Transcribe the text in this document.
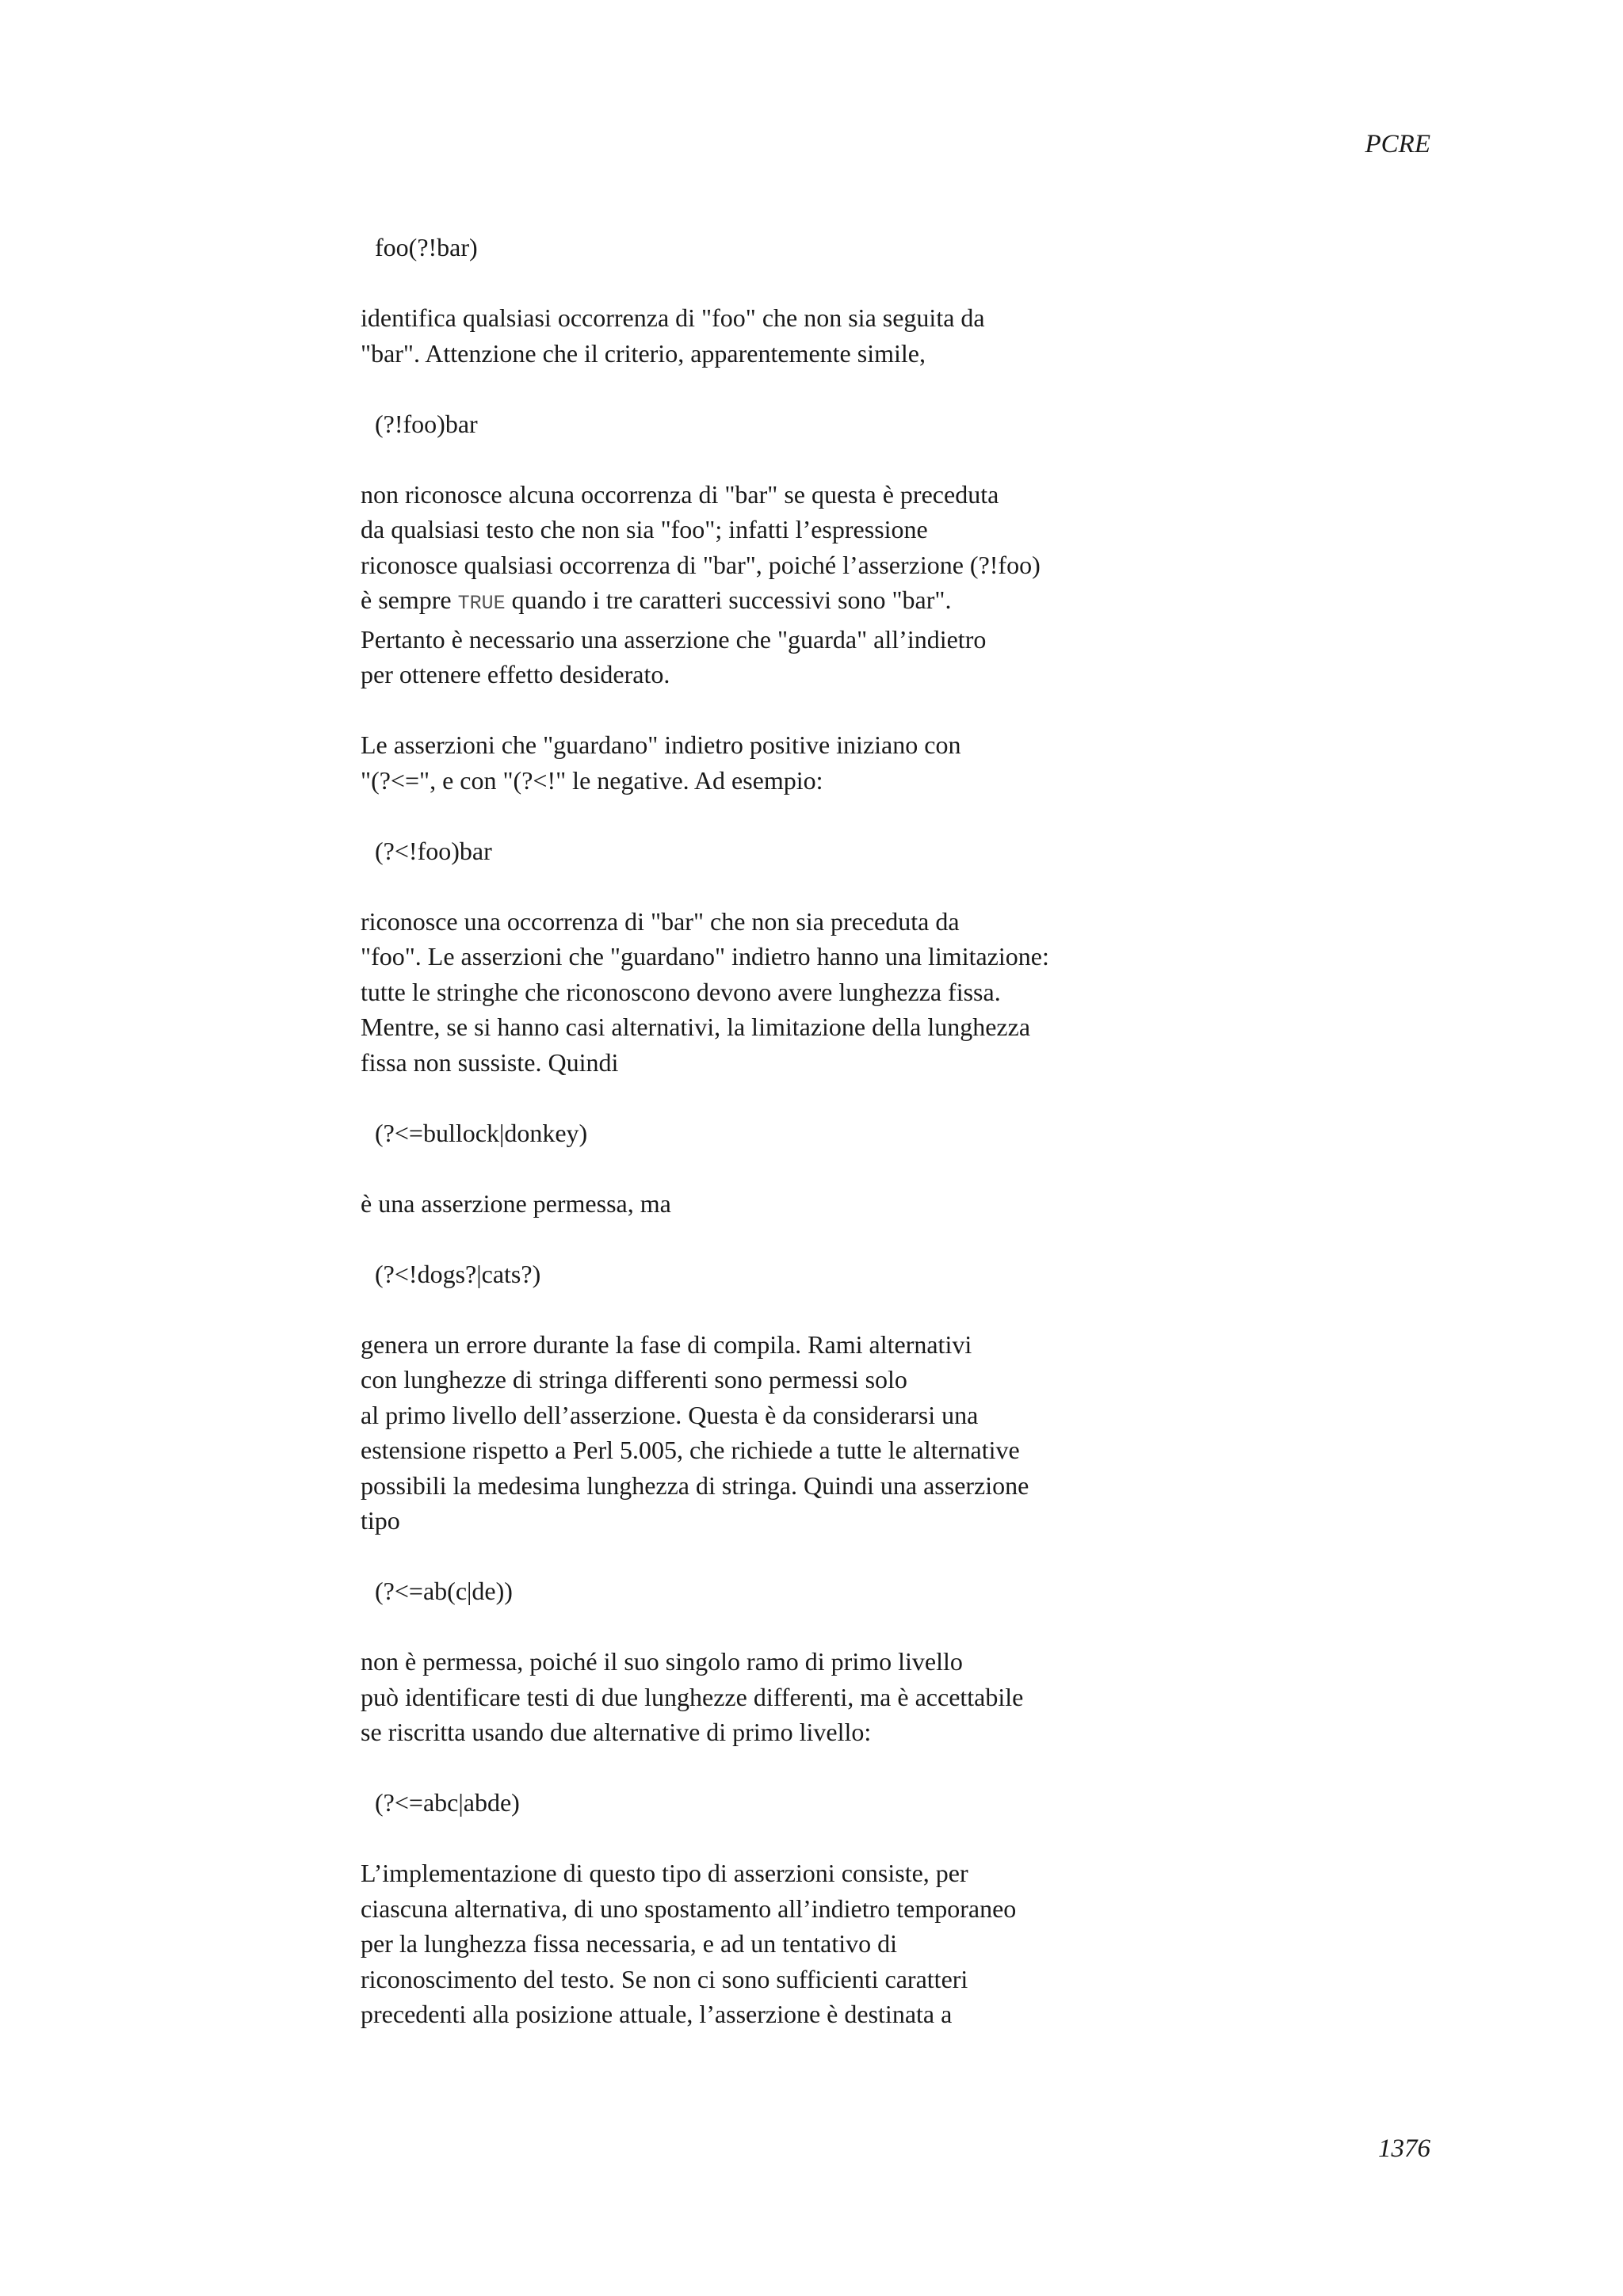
PCRE

foo(?!bar)

identifica qualsiasi occorrenza di "foo" che non sia seguita da
"bar". Attenzione che il criterio, apparentemente simile,

(?!foo)bar

non riconosce alcuna occorrenza di "bar" se questa è preceduta
da qualsiasi testo che non sia "foo"; infatti l’espressione
riconosce qualsiasi occorrenza di "bar", poiché l’asserzione (?!foo)
è sempre TRUE quando i tre caratteri successivi sono "bar".
Pertanto è necessario una asserzione che "guarda" all’indietro
per ottenere effetto desiderato.

Le asserzioni che "guardano" indietro positive iniziano con
"(?<=", e con "(?<!" le negative. Ad esempio:

(?<!foo)bar

riconosce una occorrenza di "bar" che non sia preceduta da
"foo". Le asserzioni che "guardano" indietro hanno una limitazione:
tutte le stringhe che riconoscono devono avere lunghezza fissa.
Mentre, se si hanno casi alternativi, la limitazione della lunghezza
fissa non sussiste. Quindi

(?<=bullock|donkey)

è una asserzione permessa, ma

(?<!dogs?|cats?)

genera un errore durante la fase di compila. Rami alternativi
con lunghezze di stringa differenti sono permessi solo
al primo livello dell’asserzione. Questa è da considerarsi una
estensione rispetto a Perl 5.005, che richiede a tutte le alternative
possibili la medesima lunghezza di stringa. Quindi una asserzione
tipo

(?<=ab(c|de))

non è permessa, poiché il suo singolo ramo di primo livello
può identificare testi di due lunghezze differenti, ma è accettabile
se riscritta usando due alternative di primo livello:

(?<=abc|abde)

L’implementazione di questo tipo di asserzioni consiste, per
ciascuna alternativa, di uno spostamento all’indietro temporaneo
per la lunghezza fissa necessaria, e ad un tentativo di
riconoscimento del testo. Se non ci sono sufficienti caratteri
precedenti alla posizione attuale, l’asserzione è destinata a

1376
